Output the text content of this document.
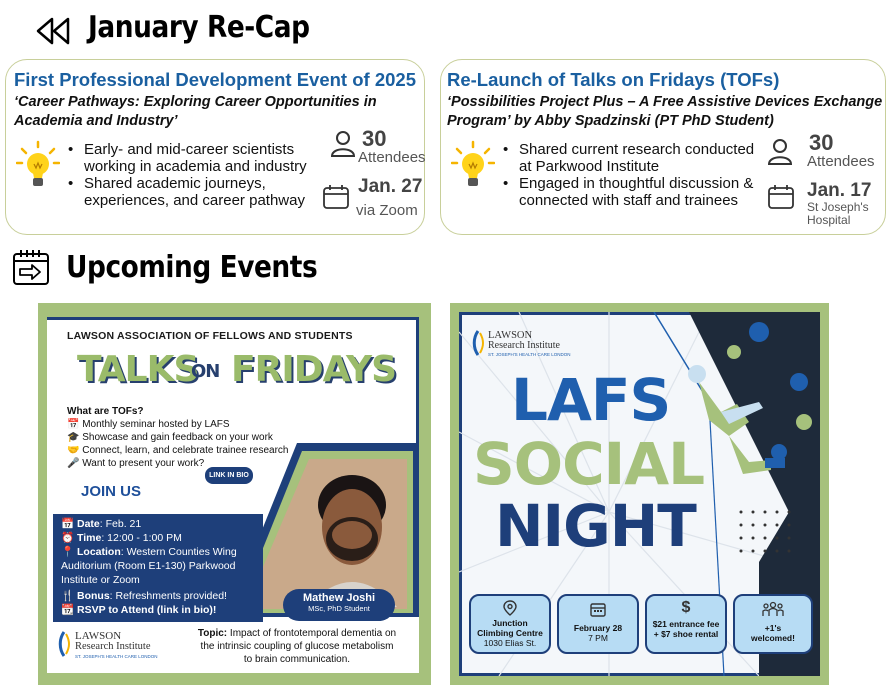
January Re-Cap
First Professional Development Event of 2025
‘Career Pathways: Exploring Career Opportunities in
Academia and Industry’
• Early- and mid-career scientists
working in academia and industry
• Shared academic journeys,
experiences, and career pathway
30
Attendees
Jan. 27
via Zoom
Re-Launch of Talks on Fridays (TOFs)
‘Possibilities Project Plus – A Free Assistive Devices Exchange
Program’ by Abby Spadzinski (PT PhD Student)
• Shared current research conducted
at Parkwood Institute
• Engaged in thoughtful discussion &
connected with staff and trainees
30
Attendees
Jan. 17
St Joseph's
Hospital
Upcoming Events
LAWSON ASSOCIATION OF FELLOWS AND STUDENTS
TALKS
ON FRIDAYS
What are TOFs?
📅 Monthly seminar hosted by LAFS
🎓 Showcase and gain feedback on your work
🤝 Connect, learn, and celebrate trainee research
🎤 Want to present your work?
JOIN US
LINK IN BIO
📅 Date: Feb. 21
⏰ Time: 12:00 - 1:00 PM
📍 Location: Western Counties Wing
Auditorium (Room E1-130) Parkwood
Institute or Zoom
🍴 Bonus: Refreshments provided!
📆 RSVP to Attend (link in bio)!
Mathew Joshi
MSc, PhD Student
LAWSON
Research Institute
ST. JOSEPH'S HEALTH CARE LONDON
Topic: Impact of frontotemporal dementia on
the intrinsic coupling of glucose metabolism
to brain communication.
LAWSON
Research Institute
ST. JOSEPH'S HEALTH CARE LONDON
LAFS
SOCIAL
NIGHT
Junction
Climbing Centre
1030 Elias St.
February 28
7 PM
$
$21 entrance fee
+ $7 shoe rental
+1's
welcomed!
